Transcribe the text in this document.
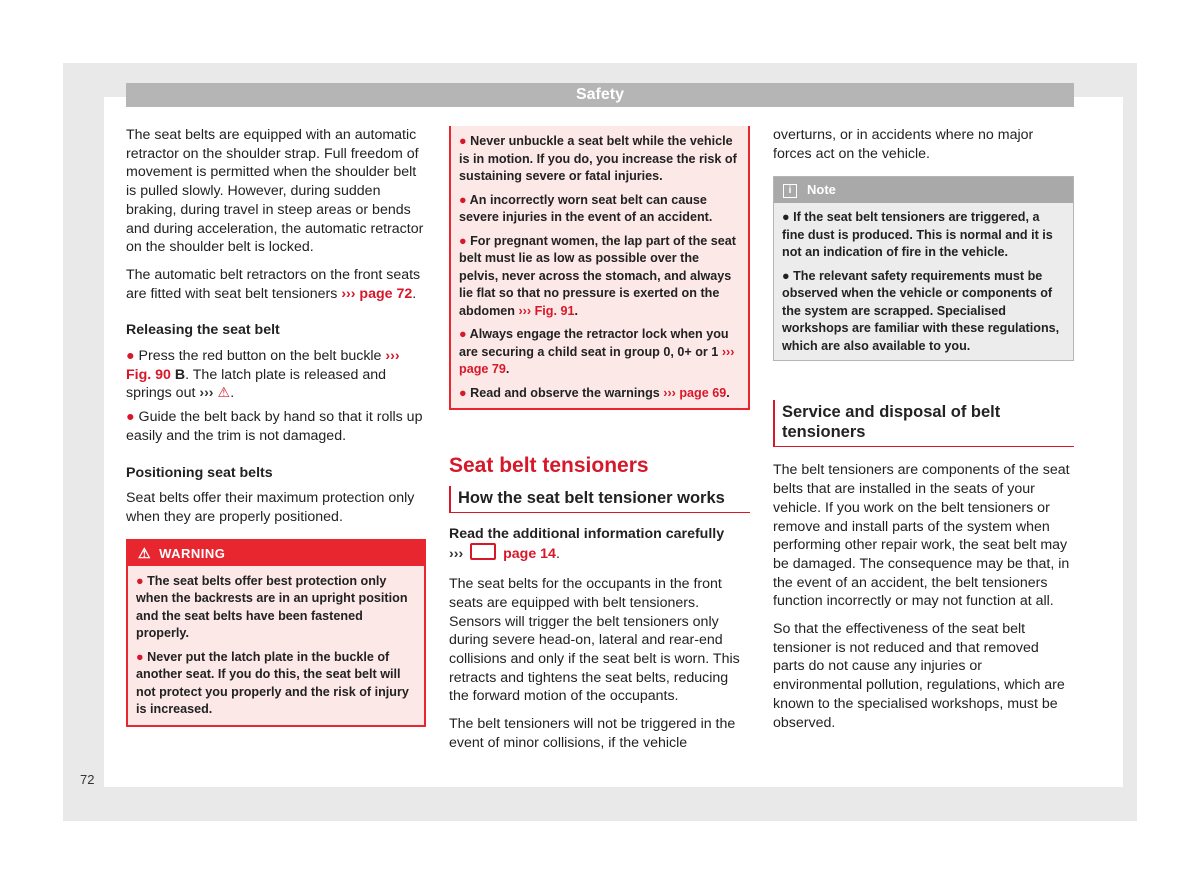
Safety

The seat belts are equipped with an automatic retractor on the shoulder strap. Full freedom of movement is permitted when the shoulder belt is pulled slowly. However, during sudden braking, during travel in steep areas or bends and during acceleration, the automatic retractor on the shoulder belt is locked.

The automatic belt retractors on the front seats are fitted with seat belt tensioners ››› page 72.

Releasing the seat belt
● Press the red button on the belt buckle ››› Fig. 90 B. The latch plate is released and springs out ››› ⚠.
● Guide the belt back by hand so that it rolls up easily and the trim is not damaged.
Positioning seat belts

Seat belts offer their maximum protection only when they are properly positioned.

⚠ WARNING
● The seat belts offer best protection only when the backrests are in an upright position and the seat belts have been fastened properly.
● Never put the latch plate in the buckle of another seat. If you do this, the seat belt will not protect you properly and the risk of injury is increased.
● Never unbuckle a seat belt while the vehicle is in motion. If you do, you increase the risk of sustaining severe or fatal injuries.
● An incorrectly worn seat belt can cause severe injuries in the event of an accident.
● For pregnant women, the lap part of the seat belt must lie as low as possible over the pelvis, never across the stomach, and always lie flat so that no pressure is exerted on the abdomen ››› Fig. 91.
● Always engage the retractor lock when you are securing a child seat in group 0, 0+ or 1 ››› page 79.
● Read and observe the warnings ››› page 69.
Seat belt tensioners
How the seat belt tensioner works
Read the additional information carefully
›››	page 14.

The seat belts for the occupants in the front seats are equipped with belt tensioners. Sensors will trigger the belt tensioners only during severe head-on, lateral and rear-end collisions and only if the seat belt is worn. This retracts and tightens the seat belts, reducing the forward motion of the occupants.

The belt tensioners will not be triggered in the event of minor collisions, if the vehicle

overturns, or in accidents where no major forces act on the vehicle.

i Note
● If the seat belt tensioners are triggered, a fine dust is produced. This is normal and it is not an indication of fire in the vehicle.
● The relevant safety requirements must be observed when the vehicle or components of the system are scrapped. Specialised workshops are familiar with these regulations, which are also available to you.
Service and disposal of belt tensioners

The belt tensioners are components of the seat belts that are installed in the seats of your vehicle. If you work on the belt tensioners or remove and install parts of the system when performing other repair work, the seat belt may be damaged. The consequence may be that, in the event of an accident, the belt tensioners function incorrectly or may not function at all.

So that the effectiveness of the seat belt tensioner is not reduced and that removed parts do not cause any injuries or environmental pollution, regulations, which are known to the specialised workshops, must be observed.

72
